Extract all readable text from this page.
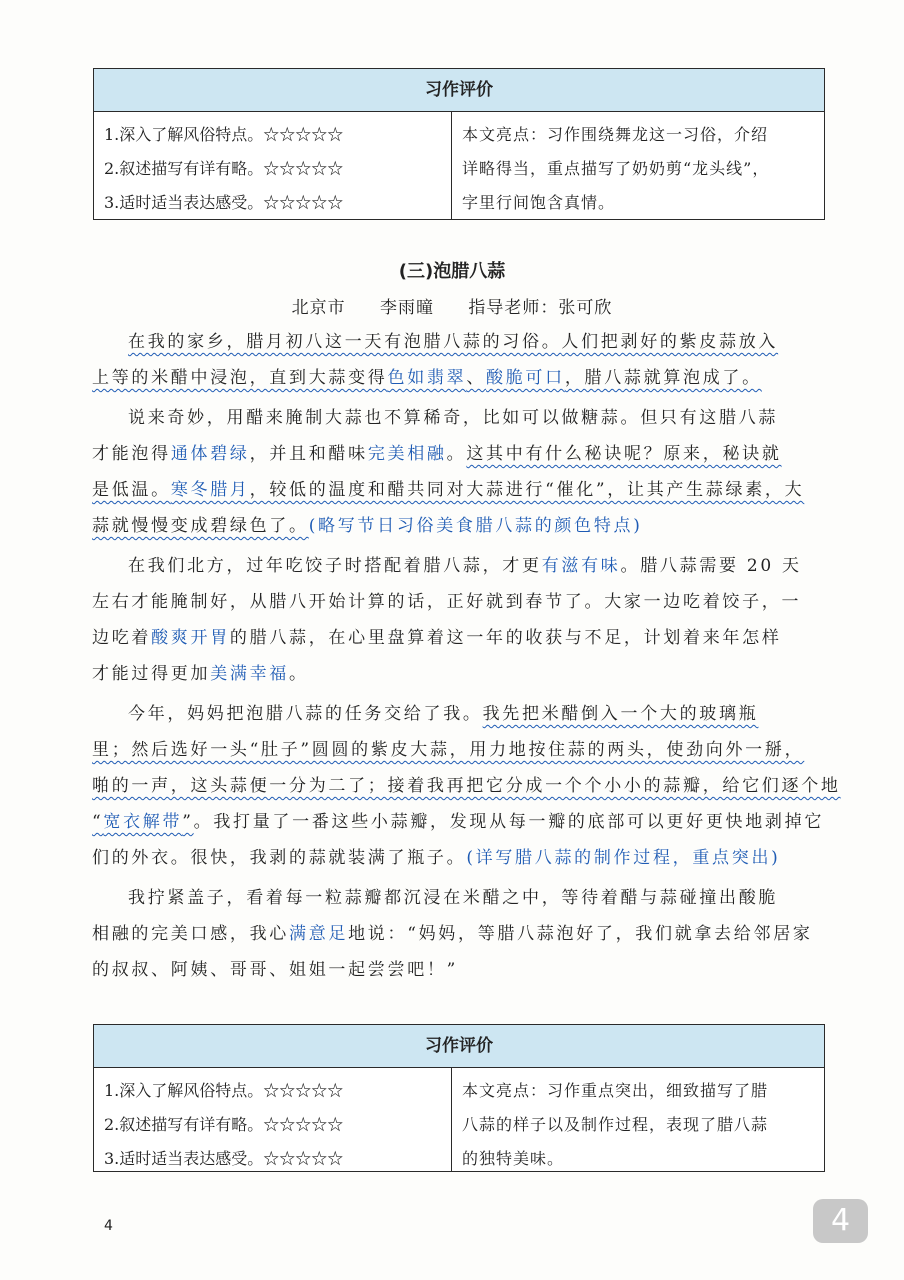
习作评价
1.深入了解风俗特点。☆☆☆☆☆
2.叙述描写有详有略。☆☆☆☆☆
3.适时适当表达感受。☆☆☆☆☆
本文亮点：习作围绕舞龙这一习俗，介绍
详略得当，重点描写了奶奶剪“龙头线”，
字里行间饱含真情。
(三)泡腊八蒜
北京市 李雨曈 指导老师：张可欣
在我的家乡，腊月初八这一天有泡腊八蒜的习俗。人们把剥好的紫皮蒜放入
上等的米醋中浸泡，直到大蒜变得色如翡翠、酸脆可口，腊八蒜就算泡成了。
说来奇妙，用醋来腌制大蒜也不算稀奇，比如可以做糖蒜。但只有这腊八蒜
才能泡得通体碧绿，并且和醋味完美相融。这其中有什么秘诀呢？原来，秘诀就
是低温。寒冬腊月，较低的温度和醋共同对大蒜进行“催化”，让其产生蒜绿素，大
蒜就慢慢变成碧绿色了。(略写节日习俗美食腊八蒜的颜色特点)
在我们北方，过年吃饺子时搭配着腊八蒜，才更有滋有味。腊八蒜需要 20 天
左右才能腌制好，从腊八开始计算的话，正好就到春节了。大家一边吃着饺子，一
边吃着酸爽开胃的腊八蒜，在心里盘算着这一年的收获与不足，计划着来年怎样
才能过得更加美满幸福。
今年，妈妈把泡腊八蒜的任务交给了我。我先把米醋倒入一个大的玻璃瓶
里；然后选好一头“肚子”圆圆的紫皮大蒜，用力地按住蒜的两头，使劲向外一掰，
啪的一声，这头蒜便一分为二了；接着我再把它分成一个个小小的蒜瓣，给它们逐个地
“宽衣解带”。我打量了一番这些小蒜瓣，发现从每一瓣的底部可以更好更快地剥掉它
们的外衣。很快，我剥的蒜就装满了瓶子。(详写腊八蒜的制作过程，重点突出)
我拧紧盖子，看着每一粒蒜瓣都沉浸在米醋之中，等待着醋与蒜碰撞出酸脆
相融的完美口感，我心满意足地说：“妈妈，等腊八蒜泡好了，我们就拿去给邻居家
的叔叔、阿姨、哥哥、姐姐一起尝尝吧！”
习作评价
1.深入了解风俗特点。☆☆☆☆☆
2.叙述描写有详有略。☆☆☆☆☆
3.适时适当表达感受。☆☆☆☆☆
本文亮点：习作重点突出，细致描写了腊
八蒜的样子以及制作过程，表现了腊八蒜
的独特美味。
4	4
